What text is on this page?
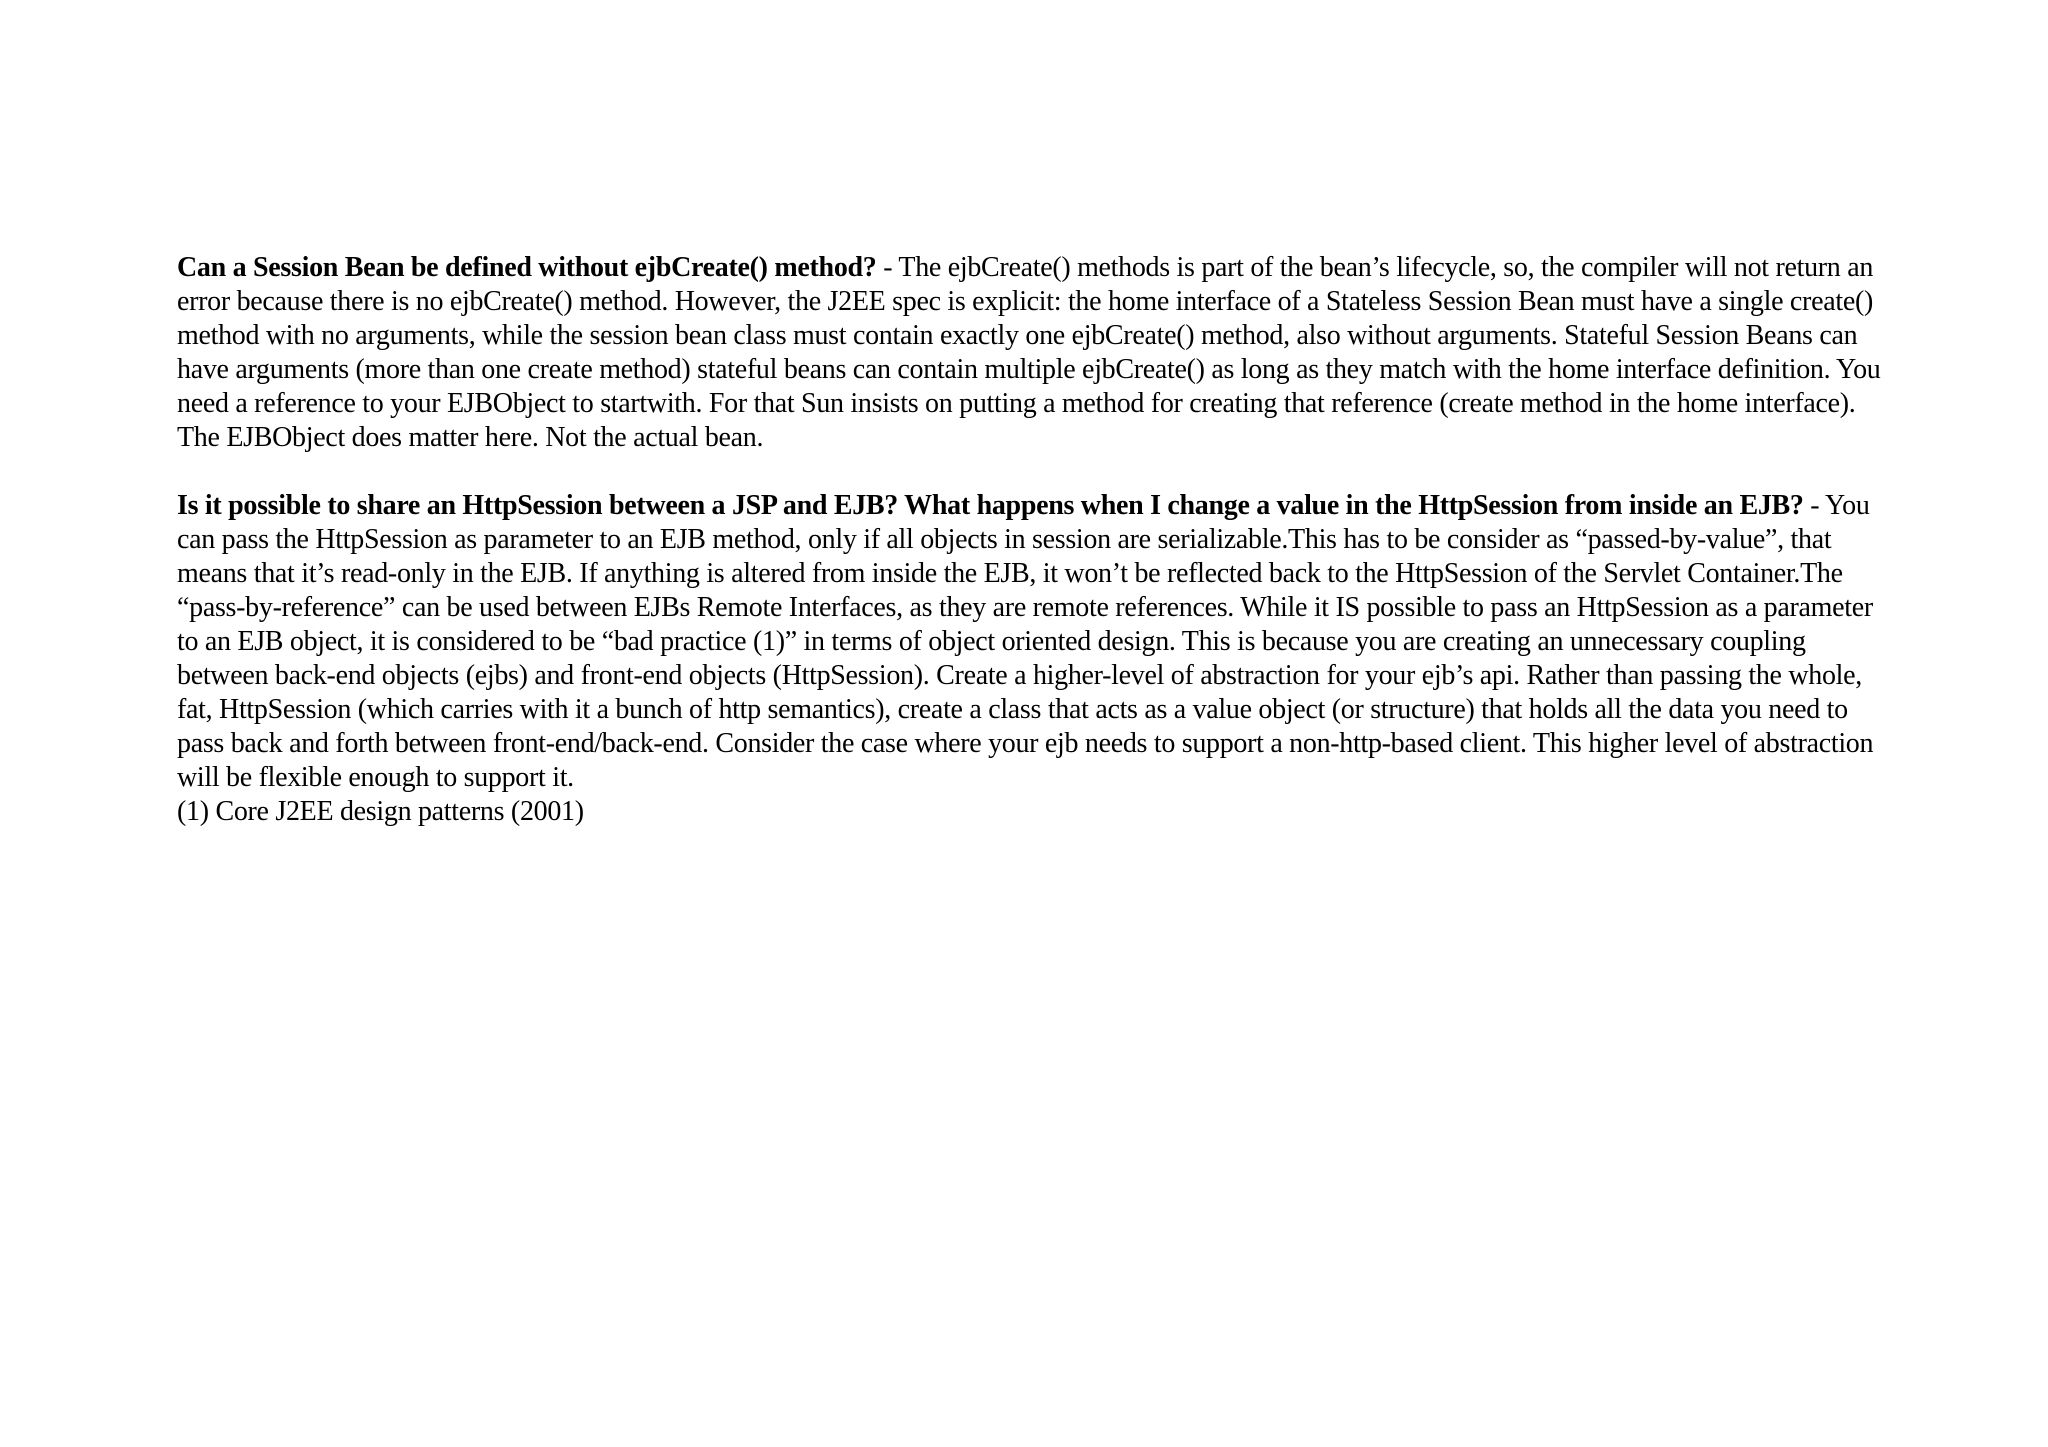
Can a Session Bean be defined without ejbCreate() method? - The ejbCreate() methods is part of the bean’s lifecycle, so, the compiler will not return an error because there is no ejbCreate() method. However, the J2EE spec is explicit: the home interface of a Stateless Session Bean must have a single create() method with no arguments, while the session bean class must contain exactly one ejbCreate() method, also without arguments. Stateful Session Beans can have arguments (more than one create method) stateful beans can contain multiple ejbCreate() as long as they match with the home interface definition. You need a reference to your EJBObject to startwith. For that Sun insists on putting a method for creating that reference (create method in the home interface). The EJBObject does matter here. Not the actual bean.

Is it possible to share an HttpSession between a JSP and EJB? What happens when I change a value in the HttpSession from inside an EJB? - You can pass the HttpSession as parameter to an EJB method, only if all objects in session are serializable.This has to be consider as “passed-by-value”, that means that it’s read-only in the EJB. If anything is altered from inside the EJB, it won’t be reflected back to the HttpSession of the Servlet Container.The “pass-by-reference” can be used between EJBs Remote Interfaces, as they are remote references. While it IS possible to pass an HttpSession as a parameter to an EJB object, it is considered to be “bad practice (1)” in terms of object oriented design. This is because you are creating an unnecessary coupling between back-end objects (ejbs) and front-end objects (HttpSession). Create a higher-level of abstraction for your ejb’s api. Rather than passing the whole, fat, HttpSession (which carries with it a bunch of http semantics), create a class that acts as a value object (or structure) that holds all the data you need to pass back and forth between front-end/back-end. Consider the case where your ejb needs to support a non-http-based client. This higher level of abstraction will be flexible enough to support it.
(1) Core J2EE design patterns (2001)
